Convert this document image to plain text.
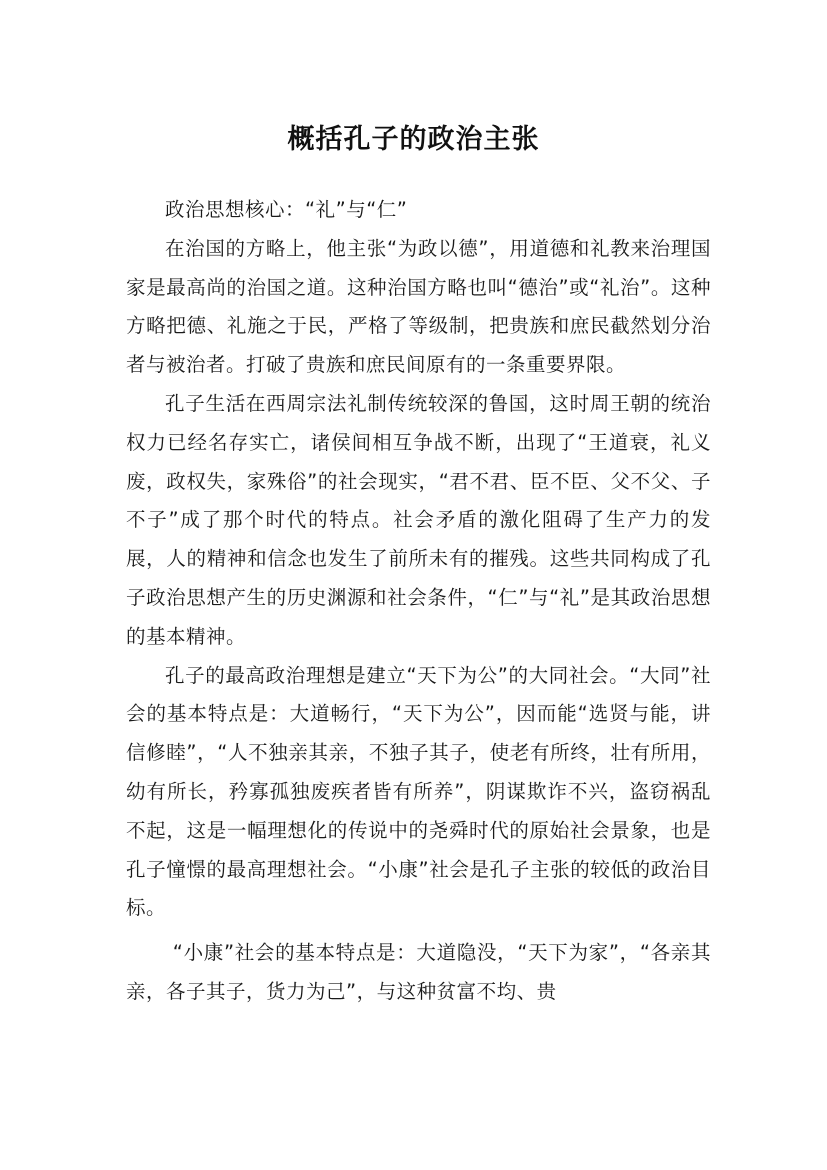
概括孔子的政治主张

政治思想核心：“礼”与“仁”

在治国的方略上，他主张“为政以德”，用道德和礼教来治理国家是最高尚的治国之道。这种治国方略也叫“德治”或“礼治”。这种方略把德、礼施之于民，严格了等级制，把贵族和庶民截然划分治者与被治者。打破了贵族和庶民间原有的一条重要界限。

孔子生活在西周宗法礼制传统较深的鲁国，这时周王朝的统治权力已经名存实亡，诸侯间相互争战不断，出现了“王道衰，礼义废，政权失，家殊俗”的社会现实，“君不君、臣不臣、父不父、子不子”成了那个时代的特点。社会矛盾的激化阻碍了生产力的发展，人的精神和信念也发生了前所未有的摧残。这些共同构成了孔子政治思想产生的历史渊源和社会条件，“仁”与“礼”是其政治思想的基本精神。

孔子的最高政治理想是建立“天下为公”的大同社会。“大同”社会的基本特点是：大道畅行，“天下为公”，因而能“选贤与能，讲信修睦”，“人不独亲其亲，不独子其子，使老有所终，壮有所用，幼有所长，矜寡孤独废疾者皆有所养”，阴谋欺诈不兴，盗窃祸乱不起，这是一幅理想化的传说中的尧舜时代的原始社会景象，也是孔子憧憬的最高理想社会。“小康”社会是孔子主张的较低的政治目标。

“小康”社会的基本特点是：大道隐没，“天下为家”，“各亲其亲，各子其子，货力为己”，与这种贫富不均、贵
